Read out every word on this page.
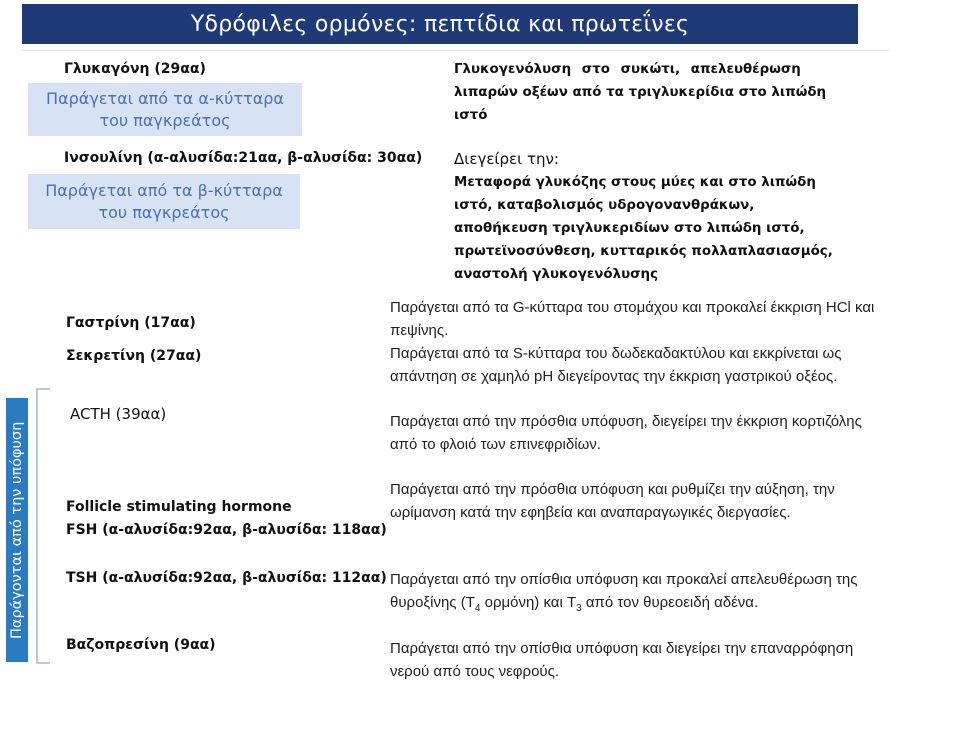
Υδρόφιλες ορμόνες: πεπτίδια και πρωτεΐνες
Γλυκαγόνη (29αα)
Παράγεται από τα α-κύτταρα
του παγκρεάτος
Γλυκογενόλυση στο συκώτι, απελευθέρωση
λιπαρών οξέων από τα τριγλυκερίδια στο λιπώδη
ιστό
Ινσουλίνη (α-αλυσίδα:21αα, β-αλυσίδα: 30αα)
Παράγεται από τα β-κύτταρα
του παγκρεάτος
Διεγείρει την:
Μεταφορά γλυκόζης στους μύες και στο λιπώδη
ιστό, καταβολισμός υδρογονανθράκων,
αποθήκευση τριγλυκεριδίων στο λιπώδη ιστό,
πρωτεϊνοσύνθεση, κυτταρικός πολλαπλασιασμός,
αναστολή γλυκογενόλυσης
Γαστρίνη (17αα)
Σεκρετίνη (27αα)
Παράγεται από τα G-κύτταρα του στομάχου και προκαλεί έκκριση HCl και
πεψίνης.
Παράγεται από τα S-κύτταρα του δωδεκαδακτύλου και εκκρίνεται ως
απάντηση σε χαμηλό pH διεγείροντας την έκκριση γαστρικού οξέος.
Παράγονται από την υπόφυση
ACTH (39αα)	Παράγεται από την πρόσθια υπόφυση, διεγείρει την έκκριση κορτιζόλης
από το φλοιό των επινεφριδίων.
Follicle stimulating hormone
FSH (α-αλυσίδα:92αα, β-αλυσίδα: 118αα)
Παράγεται από την πρόσθια υπόφυση και ρυθμίζει την αύξηση, την
ωρίμανση κατά την εφηβεία και αναπαραγωγικές διεργασίες.
TSH (α-αλυσίδα:92αα, β-αλυσίδα: 112αα) Παράγεται από την οπίσθια υπόφυση και προκαλεί απελευθέρωση της
θυροξίνης ($T_4$ ορμόνη) και $T_3$ από τον θυρεοειδή αδένα.
Βαζοπρεσίνη (9αα)	Παράγεται από την οπίσθια υπόφυση και διεγείρει την επαναρρόφηση
νερού από τους νεφρούς.
